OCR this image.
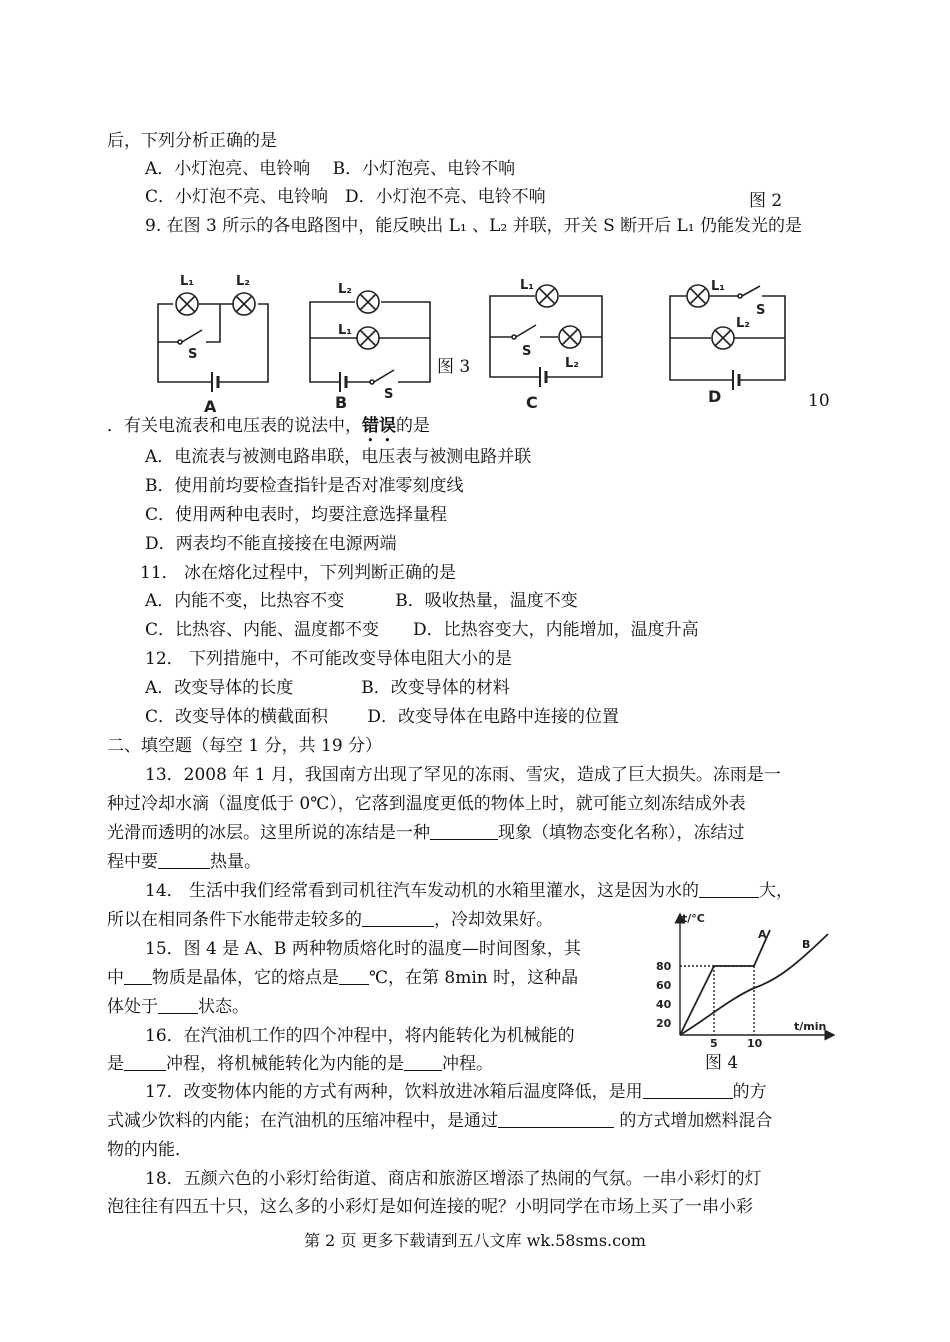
后，下列分析正确的是
A．小灯泡亮、电铃响　 B．小灯泡亮、电铃不响
C．小灯泡不亮、电铃响　D．小灯泡不亮、电铃不响	图 2
9. 在图 3 所示的各电路图中，能反映出 L₁ 、L₂ 并联，开关 S 断开后 L₁ 仍能发光的是
L₁	L₂
S
A
L₂
L₁
S
B
L₁
S
L₂
C
L₁
S
L₂
D
图 3
10
．有关电流表和电压表的说法中，错误的是
A．电流表与被测电路串联，电压表与被测电路并联
B．使用前均要检查指针是否对准零刻度线
C．使用两种电表时，均要注意选择量程
D．两表均不能直接接在电源两端
11． 冰在熔化过程中，下列判断正确的是
A．内能不变，比热容不变　　　B．吸收热量，温度不变
C．比热容、内能、温度都不变　　D．比热容变大，内能增加，温度升高
12． 下列措施中，不可能改变导体电阻大小的是
A．改变导体的长度　　　　B．改变导体的材料
C．改变导体的横截面积　　 D．改变导体在电路中连接的位置
二、填空题（每空 1 分，共 19 分）
13．2008 年 1 月，我国南方出现了罕见的冻雨、雪灾，造成了巨大损失。冻雨是一
种过冷却水滴（温度低于 0℃），它落到温度更低的物体上时，就可能立刻冻结成外表
光滑而透明的冰层。这里所说的冻结是一种	现象（填物态变化名称），冻结过
程中要	热量。
14． 生活中我们经常看到司机往汽车发动机的水箱里灌水，这是因为水的	大，
所以在相同条件下水能带走较多的	，冷却效果好。
15．图 4 是 A、B 两种物质熔化时的温度—时间图象，其
中 物质是晶体，它的熔点是 ℃，在第 8min 时，这种晶
体处于 状态。
16．在汽油机工作的四个冲程中，将内能转化为机械能的
是 冲程，将机械能转化为内能的是 冲程。
t/°C
t/min
80
60
40
20
5	10
A
B
图 4
17．改变物体内能的方式有两种，饮料放进冰箱后温度降低，是用	的方
式减少饮料的内能；在汽油机的压缩冲程中，是通过	的方式增加燃料混合
物的内能．
18．五颜六色的小彩灯给街道、商店和旅游区增添了热闹的气氛。一串小彩灯的灯
泡往往有四五十只，这么多的小彩灯是如何连接的呢？小明同学在市场上买了一串小彩
第 2 页 更多下载请到五八文库 wk.58sms.com
